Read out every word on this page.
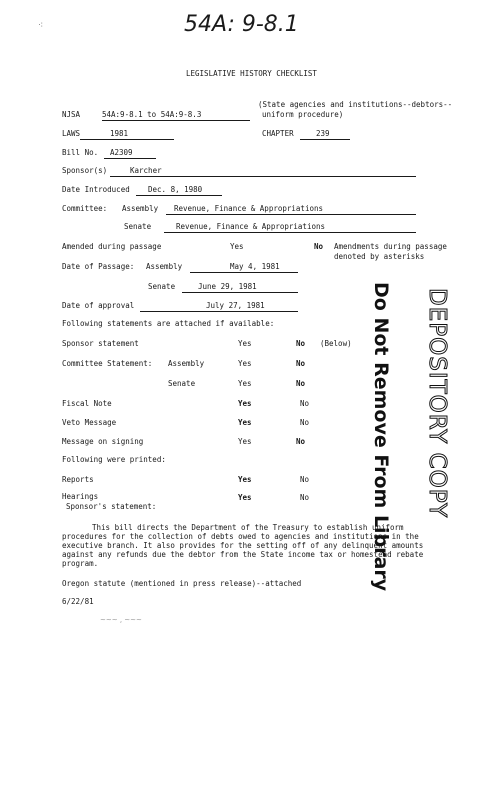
54A: 9-8.1
⁖
LEGISLATIVE HISTORY CHECKLIST
NJSA	54A:9-8.1 to 54A:9-8.3
(State agencies and institutions--debtors--
uniform procedure)
LAWS	1981	CHAPTER	239
Bill No.	A2309
Sponsor(s)	Karcher
Date Introduced	Dec. 8, 1980
Committee: Assembly	Revenue, Finance & Appropriations
Senate	Revenue, Finance & Appropriations
Amended during passage	Yes	No Amendments during passage
denoted by asterisks
Date of Passage: Assembly	May 4, 1981
Senate	June 29, 1981
Date of approval	July 27, 1981
Following statements are attached if available:
Sponsor statement	Yes	No (Below)
Committee Statement: Assembly	Yes	No
Senate	Yes	No
Fiscal Note	Yes	No
Veto Message	Yes	No
Message on signing	Yes	No
Following were printed:
Reports	Yes	No
Hearings	Yes	No
Sponsor's statement:
This bill directs the Department of the Treasury to establish uniform procedures for the collection of debts owed to agencies and institutions in the executive branch. It also provides for the setting off of any delinquent amounts against any refunds due the debtor from the State income tax or homestead rebate program.
Oregon statute (mentioned in press release)--attached
6/22/81
~~~ , ~~~
DEPOSITORY COPY
Do Not Remove From Library
